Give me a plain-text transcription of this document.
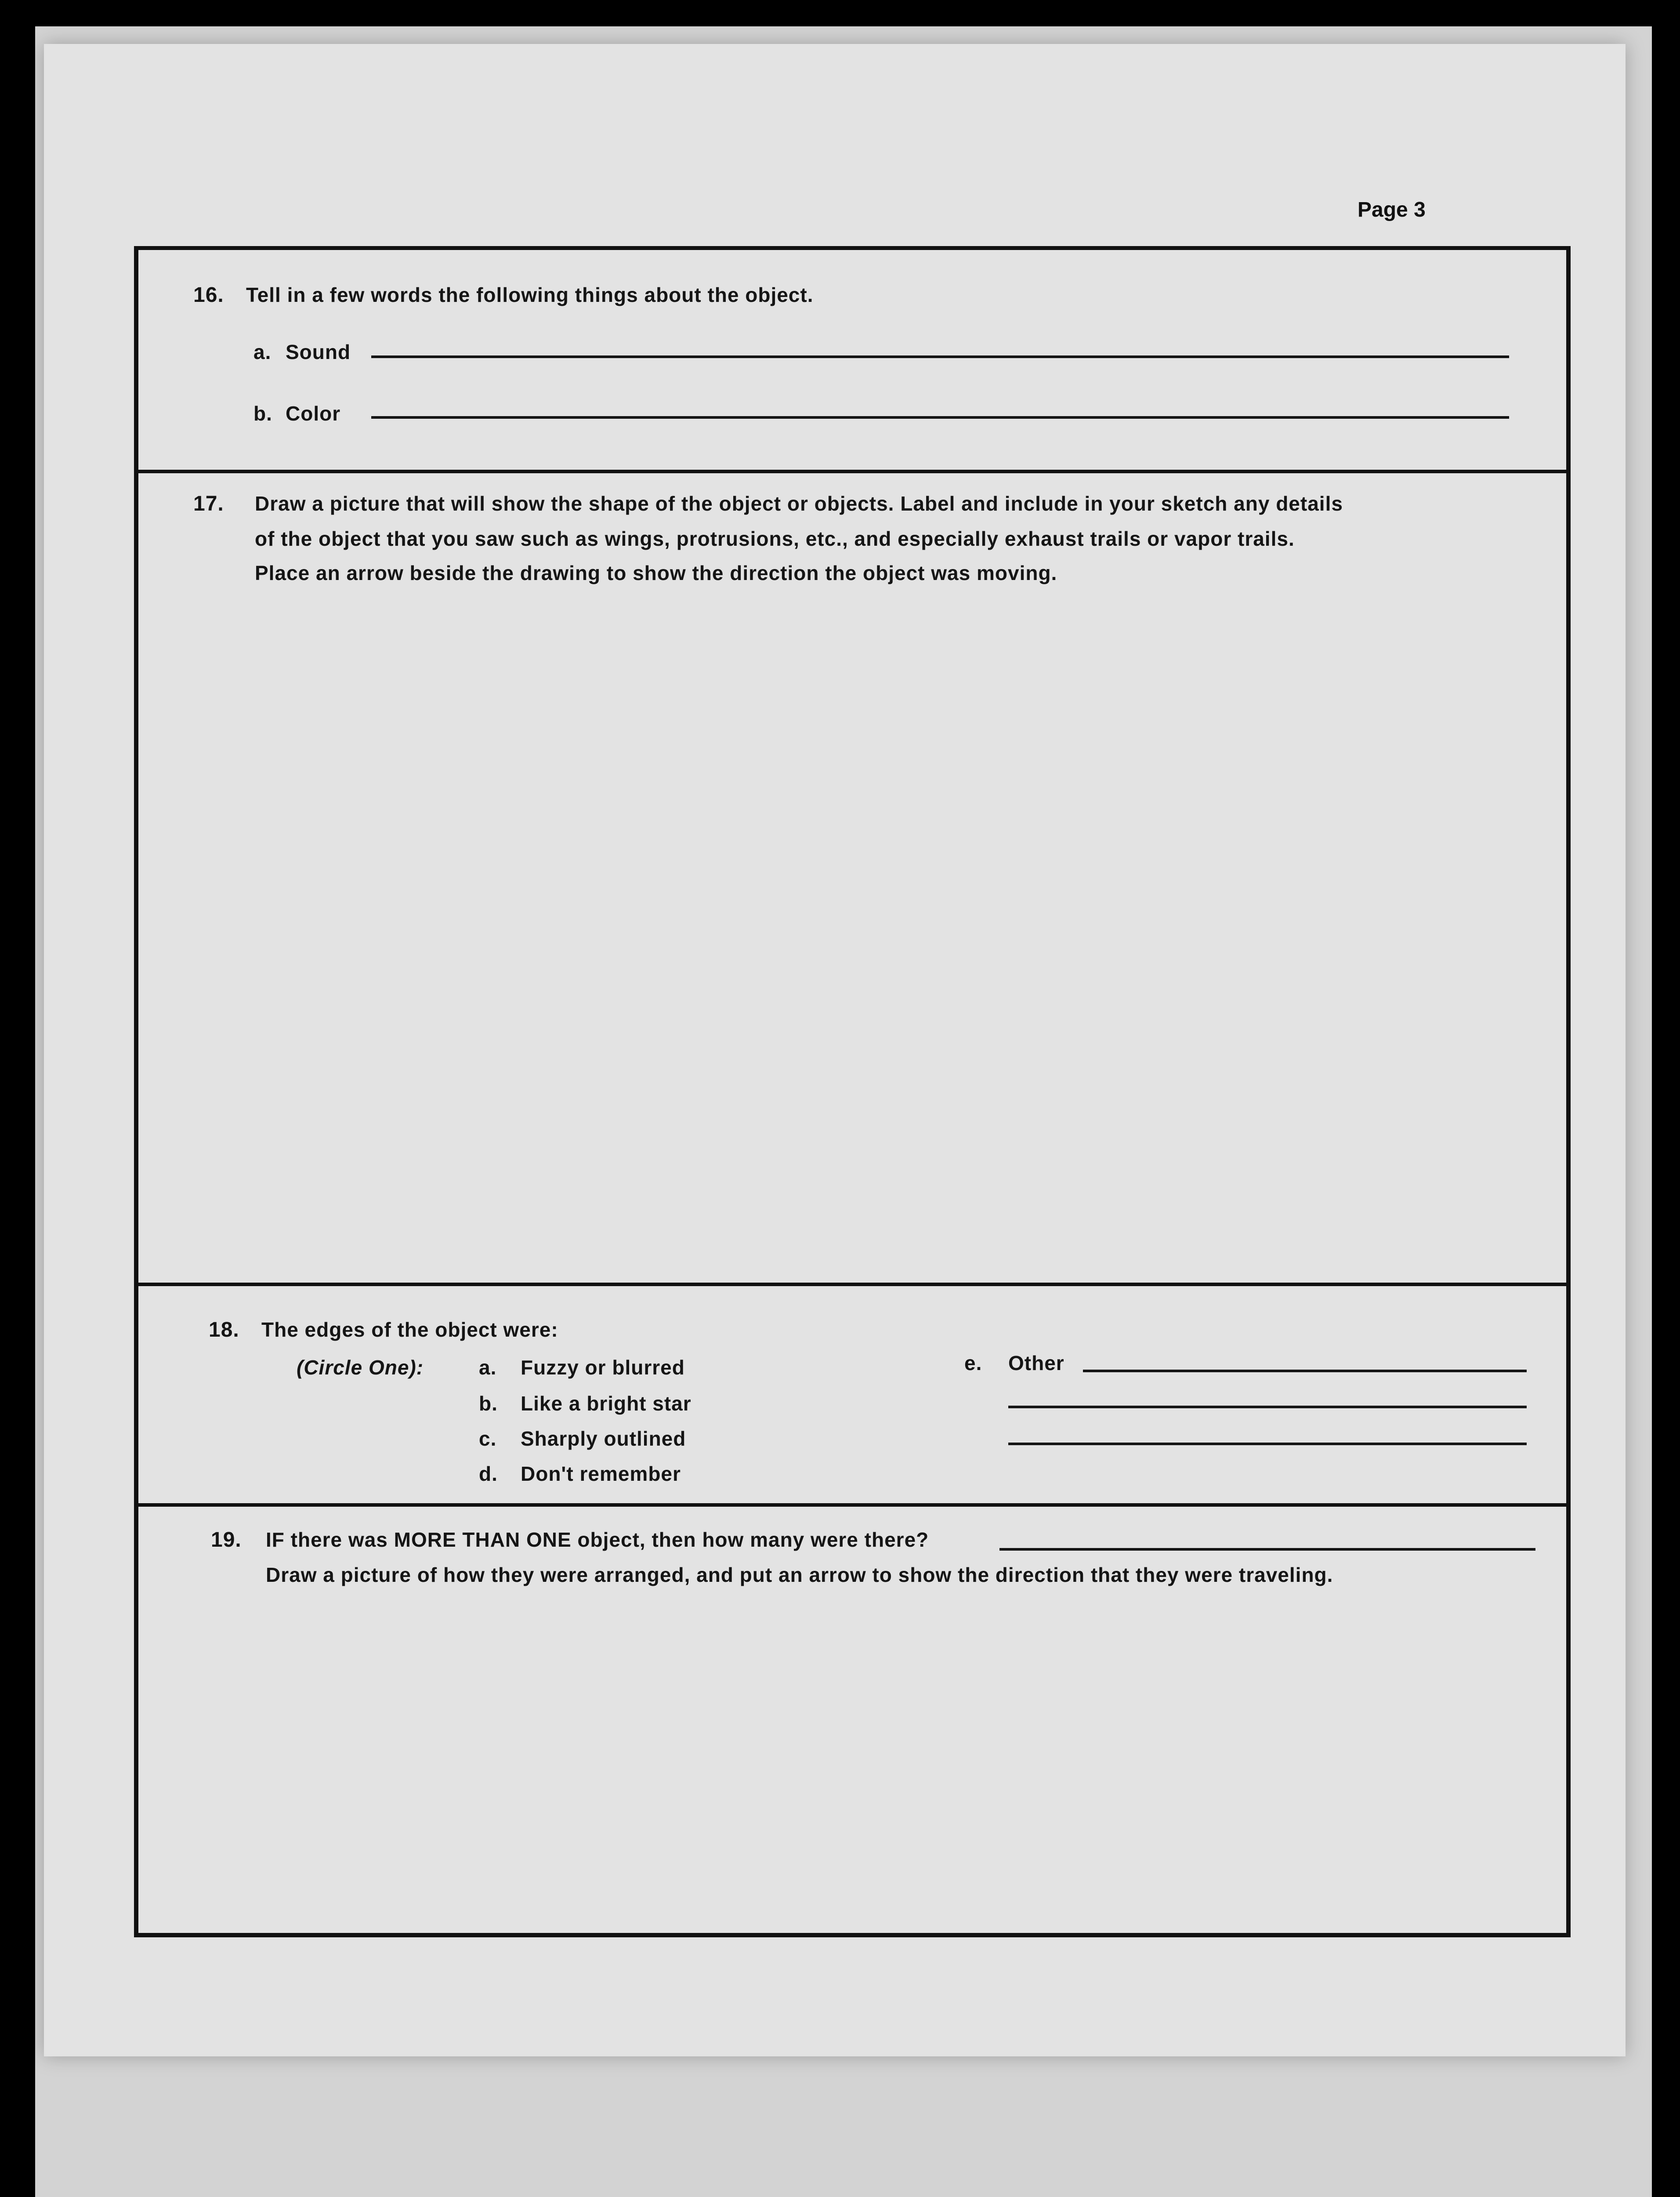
Page 3
16. Tell in a few words the following things about the object.
a. Sound
b. Color
17. Draw a picture that will show the shape of the object or objects. Label and include in your sketch any details
of the object that you saw such as wings, protrusions, etc., and especially exhaust trails or vapor trails.
Place an arrow beside the drawing to show the direction the object was moving.
18. The edges of the object were:
(Circle One):	a. Fuzzy or blurred
b. Like a bright star
c. Sharply outlined
d. Don't remember
e. Other
19. IF there was MORE THAN ONE object, then how many were there?
Draw a picture of how they were arranged, and put an arrow to show the direction that they were traveling.
